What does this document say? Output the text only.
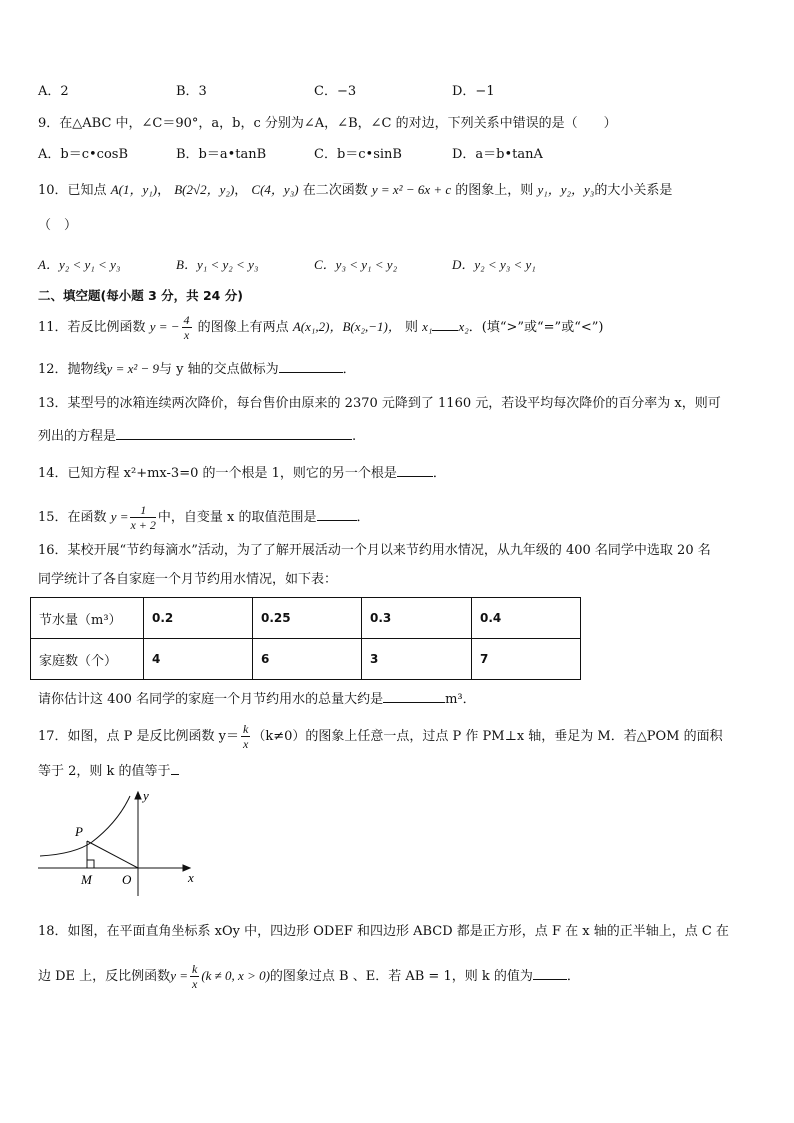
A．2	B．3	C．−3	D．−1
9．在△ABC 中，∠C＝90°，a，b，c 分别为∠A，∠B，∠C 的对边，下列关系中错误的是（　　）
A．b＝c•cosB	B．b＝a•tanB	C．b＝c•sinB	D．a＝b•tanA
10．已知点 A(1，y₁)， B(2√2，y₂)， C(4，y₃) 在二次函数 y = x² − 6x + c 的图象上，则 y₁，y₂，y₃的大小关系是
（　）
A．y₂ < y₁ < y₃	B．y₁ < y₂ < y₃	C．y₃ < y₁ < y₂	D．y₂ < y₃ < y₁
二、填空题(每小题 3 分，共 24 分)
11．若反比例函数 y = − $\frac{4}{x}$ 的图像上有两点 A(x₁,2)，B(x₂,−1)， 则 x₁ x₂．(填“>”或“=”或“<”)
12．抛物线y = x² − 9与 y 轴的交点做标为	．
13．某型号的冰箱连续两次降价，每台售价由原来的 2370 元降到了 1160 元，若设平均每次降价的百分率为 x，则可
列出的方程是	.
14．已知方程 x²+mx-3=0 的一个根是 1，则它的另一个根是	．
15．在函数 $y = \frac{1}{x + 2}$ 中，自变量 x 的取值范围是	．
16．某校开展“节约每滴水”活动，为了了解开展活动一个月以来节约用水情况，从九年级的 400 名同学中选取 20 名
同学统计了各自家庭一个月节约用水情况，如下表：
节水量（m³）	0.2	0.25	0.3	0.4
家庭数（个）	4	6	3	7
请你估计这 400 名同学的家庭一个月节约用水的总量大约是	m³．
17．如图，点 P 是反比例函数 $y= \frac{k}{x} (k\ne 0)$的图象上任意一点，过点 P 作 PM⊥x 轴，垂足为 M．若△POM 的面积
等于 2，则 k 的值等于
y
x
P
M O
18．如图，在平面直角坐标系 xOy 中，四边形 ODEF 和四边形 ABCD 都是正方形，点 F 在 x 轴的正半轴上，点 C 在
边 DE 上，反比例函数$y = \frac{k}{x} (k \ne 0$, x > 0)的图象过点 B 、E．若 AB = 1，则 k 的值为	．
